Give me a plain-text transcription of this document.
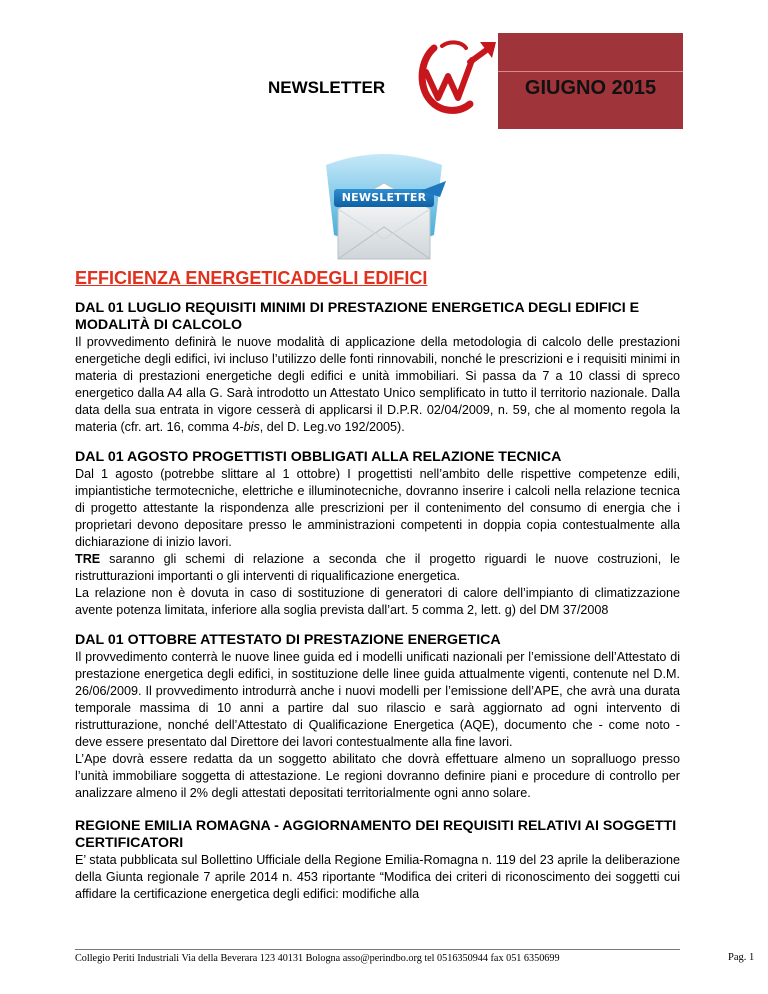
GIUGNO 2015
NEWSLETTER
NEWSLETTER
EFFICIENZA ENERGETICADEGLI EDIFICI
DAL 01 LUGLIO REQUISITI MINIMI DI PRESTAZIONE ENERGETICA DEGLI EDIFICI E MODALITÀ DI CALCOLO

Il provvedimento definirà le nuove modalità di applicazione della metodologia di calcolo delle prestazioni energetiche degli edifici, ivi incluso l’utilizzo delle fonti rinnovabili, nonché le prescrizioni e i requisiti minimi in materia di prestazioni energetiche degli edifici e unità immobiliari. Si passa da 7 a 10 classi di spreco energetico dalla A4 alla G. Sarà introdotto un Attestato Unico semplificato in tutto il territorio nazionale. Dalla data della sua entrata in vigore cesserà di applicarsi il D.P.R. 02/04/2009, n. 59, che al momento regola la materia (cfr. art. 16, comma 4-bis, del D. Leg.vo 192/2005).

DAL 01 AGOSTO PROGETTISTI OBBLIGATI ALLA RELAZIONE TECNICA

Dal 1 agosto (potrebbe slittare al 1 ottobre) I progettisti nell’ambito delle rispettive competenze edili, impiantistiche termotecniche, elettriche e illuminotecniche, dovranno inserire i calcoli nella relazione tecnica di progetto attestante la rispondenza alle prescrizioni per il contenimento del consumo di energia che i proprietari devono depositare presso le amministrazioni competenti in doppia copia contestualmente alla dichiarazione di inizio lavori.

TRE saranno gli schemi di relazione a seconda che il progetto riguardi le nuove costruzioni, le ristrutturazioni importanti o gli interventi di riqualificazione energetica.

La relazione non è dovuta in caso di sostituzione di generatori di calore dell’impianto di climatizzazione avente potenza limitata, inferiore alla soglia prevista dall’art. 5 comma 2, lett. g) del DM 37/2008

DAL 01 OTTOBRE ATTESTATO DI PRESTAZIONE ENERGETICA

Il provvedimento conterrà le nuove linee guida ed i modelli unificati nazionali per l’emissione dell’Attestato di prestazione energetica degli edifici, in sostituzione delle linee guida attualmente vigenti, contenute nel D.M. 26/06/2009. Il provvedimento introdurrà anche i nuovi modelli per l’emissione dell’APE, che avrà una durata temporale massima di 10 anni a partire dal suo rilascio e sarà aggiornato ad ogni intervento di ristrutturazione, nonché dell’Attestato di Qualificazione Energetica (AQE), documento che - come noto - deve essere presentato dal Direttore dei lavori contestualmente alla fine lavori.

L’Ape dovrà essere redatta da un soggetto abilitato che dovrà effettuare almeno un sopralluogo presso l’unità immobiliare soggetta di attestazione. Le regioni dovranno definire piani e procedure di controllo per analizzare almeno il 2% degli attestati depositati territorialmente ogni anno solare.

REGIONE EMILIA ROMAGNA - AGGIORNAMENTO DEI REQUISITI RELATIVI AI SOGGETTI CERTIFICATORI

E’ stata pubblicata sul Bollettino Ufficiale della Regione Emilia-Romagna n. 119 del 23 aprile la deliberazione della Giunta regionale 7 aprile 2014 n. 453 riportante “Modifica dei criteri di riconoscimento dei soggetti cui affidare la certificazione energetica degli edifici: modifiche alla

Collegio Periti Industriali Via della Beverara 123 40131 Bologna asso@perindbo.org tel 0516350944 fax 051 6350699	Pag. 1
